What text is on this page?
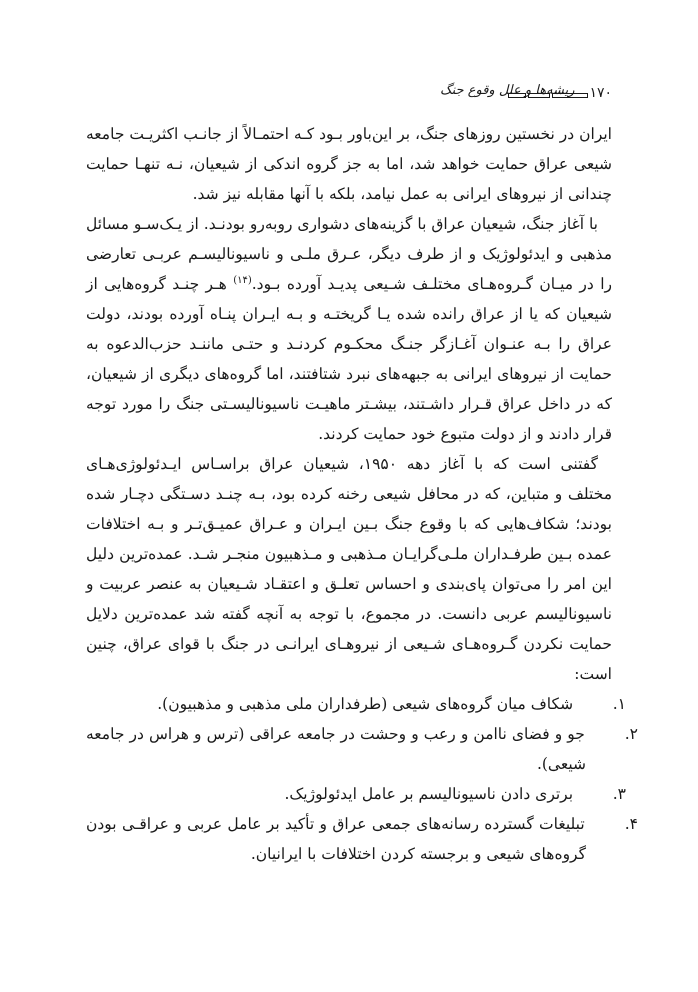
۱۷۰
ریشه‌ها و علل وقوع جنگ

ایران در نخستین روزهای جنگ، بر این‌باور بـود کـه احتمـالاً از جانـب اکثریـت جامعه شیعی عراق حمایت خواهد شد، اما به جز گروه اندکی از شیعیان، نـه تنهـا حمایت چندانی از نیروهای ایرانی به عمل نیامد، بلکه با آنها مقابله نیز شد.

با آغاز جنگ، شیعیان عراق با گزینه‌های دشواری روبه‌رو بودنـد. از یـک‌سـو مسائل مذهبی و ایدئولوژیک و از طرف دیگر، عـرق ملـی و ناسیونالیسـم عربـی تعارضی را در میـان گـروه‌هـای مختلـف شـیعی پدیـد آورده بـود.$^{(۱۴)}$ هـر چنـد گروه‌هایی از شیعیان که یا از عراق رانده شده یـا گریختـه و بـه ایـران پنـاه آورده بودند، دولت عراق را بـه عنـوان آغـازگر جنـگ محکـوم کردنـد و حتـی ماننـد حزب‌الدعوه به حمایت از نیروهای ایرانی به جبهه‌های نبرد شتافتند، اما گروه‌های دیگری از شیعیان، که در داخل عراق قـرار داشـتند، بیشـتر ماهیـت ناسیونالیسـتی جنگ را مورد توجه قرار دادند و از دولت متبوع خود حمایت کردند.

گفتنی است که با آغاز دهه ۱۹۵۰، شیعیان عراق براسـاس ایـدئولوژی‌هـای مختلف و متباین، که در محافل شیعی رخنه کرده بود، بـه چنـد دسـتگی دچـار شده بودند؛ شکاف‌هایی که با وقوع جنگ بـین ایـران و عـراق عمیـق‌تـر و بـه اختلافات عمده بـین طرفـداران ملـی‌گرایـان مـذهبی و مـذهبیون منجـر شـد. عمده‌ترین دلیل این امر را می‌توان پای‌بندی و احساس تعلـق و اعتقـاد شـیعیان به عنصر عربیت و ناسیونالیسم عربی دانست. در مجموع، با توجه به آنچه گفته شد عمده‌ترین دلایل حمایت نکردن گـروه‌هـای شـیعی از نیروهـای ایرانـی در جنگ با قوای عراق، چنین است:

۱. شکاف میان گروه‌های شیعی (طرفداران ملی مذهبی و مذهبیون).
۲. جو و فضای ناامن و رعب و وحشت در جامعه عراقی (ترس و هراس در جامعه شیعی).
۳. برتری دادن ناسیونالیسم بر عامل ایدئولوژیک.
۴. تبلیغات گسترده رسانه‌های جمعی عراق و تأکید بر عامل عربی و عراقـی بودن گروه‌های شیعی و برجسته کردن اختلافات با ایرانیان.
